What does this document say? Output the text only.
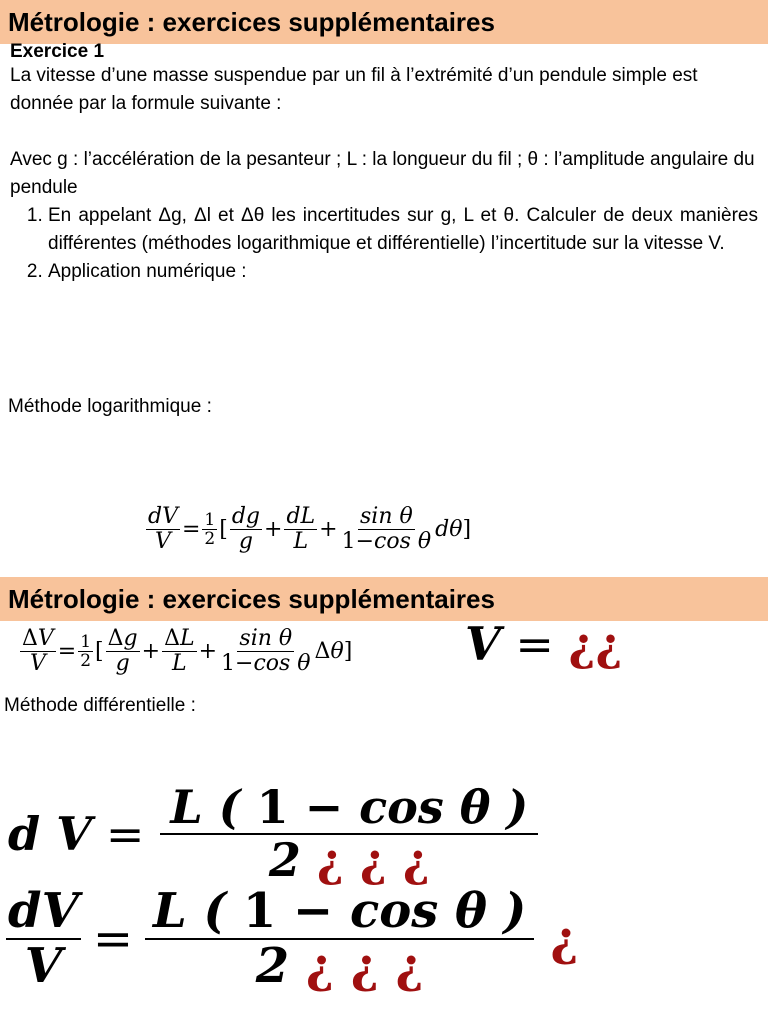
Métrologie : exercices supplémentaires
Exercice 1
La vitesse d’une masse suspendue par un fil à l’extrémité d’un pendule simple est donnée par la formule suivante :
Avec g : l’accélération de la pesanteur ; L : la longueur du fil ; θ : l’amplitude angulaire du pendule
1. En appelant Δg, Δl et Δθ les incertitudes sur g, L et θ. Calculer de deux manières différentes (méthodes logarithmique et différentielle) l’incertitude sur la vitesse V.
2. Application numérique :
Méthode logarithmique :
$\frac{dV}{V} = \frac{1}{2}$ [ $\frac{dg}{g} + \frac{dL}{L} + \frac{\text{sin θ}}{\text{1−cos θ}}$ dθ ]
Métrologie : exercices supplémentaires
$\frac{\Delta V}{V} = \frac{1}{2}$ [ $\frac{\Delta g}{g} + \frac{\Delta L}{L} + \frac{\text{sin θ}}{\text{1−cos θ}}$ Δθ ] V = ¿¿
Méthode différentielle :
d $V = \frac{\text{L ( 1 − cos θ )}}{2 ¿ ¿ ¿}$
$\frac{dV}{V} = \frac{\text{L ( 1 − cos θ )}}{2 ¿ ¿ ¿}$ ¿
